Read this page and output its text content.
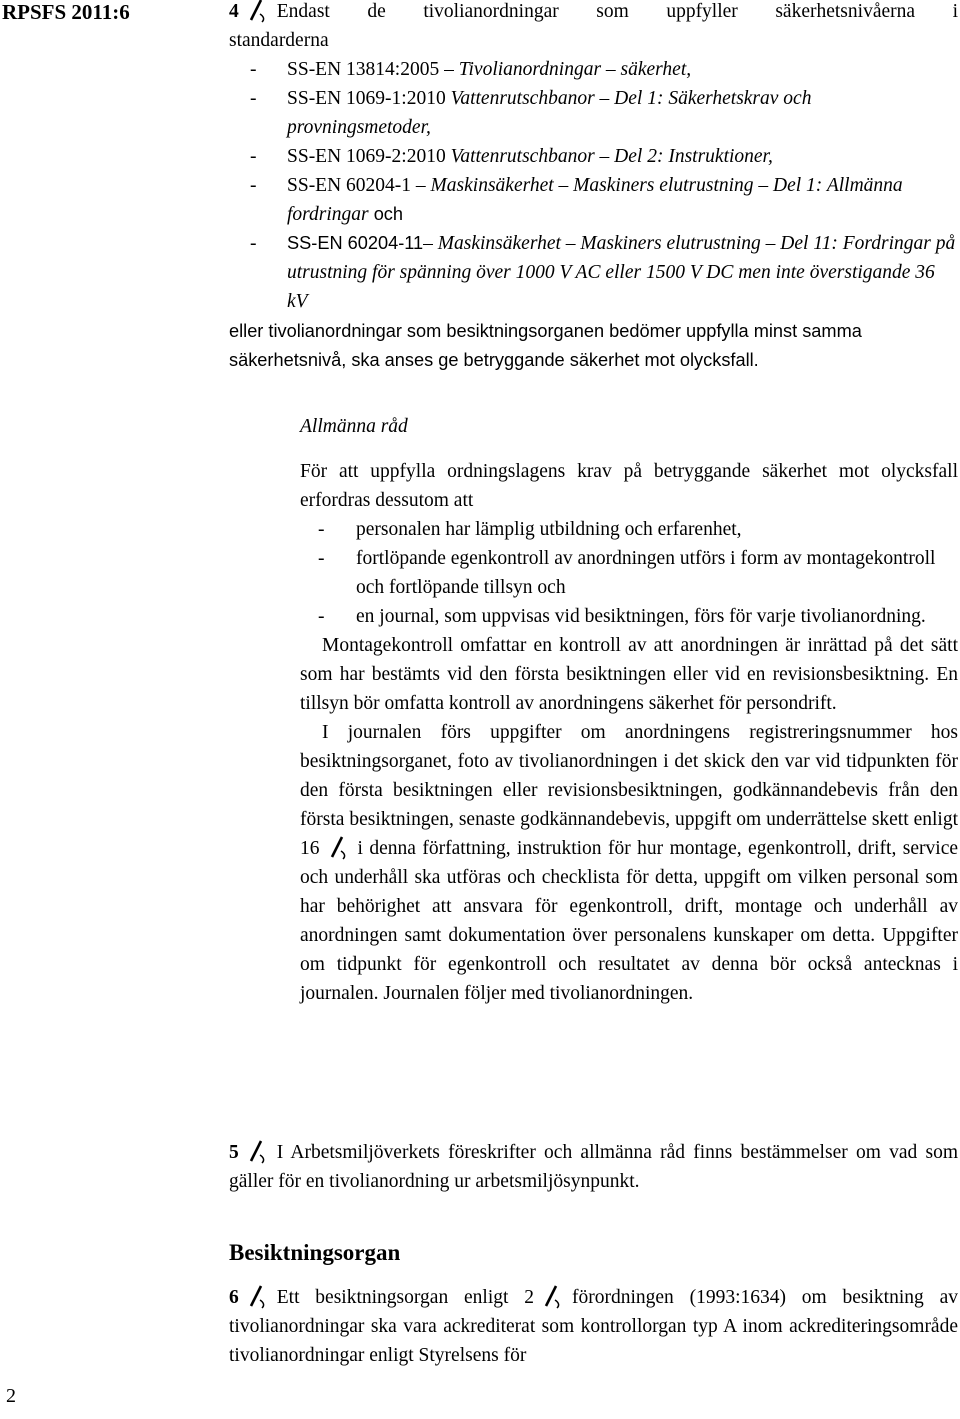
RPSFS 2011:6
2
4 Endast de tivolianordningar som uppfyller säkerhetsnivåerna i
standarderna
- SS-EN 13814:2005 – Tivolianordningar – säkerhet,
- SS-EN 1069-1:2010 Vattenrutschbanor – Del 1: Säkerhetskrav och provningsmetoder,
- SS-EN 1069-2:2010 Vattenrutschbanor – Del 2: Instruktioner,
- SS-EN 60204-1 – Maskinsäkerhet – Maskiners elutrustning – Del 1: Allmänna fordringar och
- SS-EN 60204-11– Maskinsäkerhet – Maskiners elutrustning – Del 11: Fordringar på utrustning för spänning över 1000 V AC eller 1500 V DC men inte överstigande 36 kV

eller tivolianordningar som besiktningsorganen bedömer uppfylla minst samma säkerhetsnivå, ska anses ge betryggande säkerhet mot olycksfall.

Allmänna råd

För att uppfylla ordningslagens krav på betryggande säkerhet mot olycksfall erfordras dessutom att

- personalen har lämplig utbildning och erfarenhet,
- fortlöpande egenkontroll av anordningen utförs i form av montagekontroll och fortlöpande tillsyn och
- en journal, som uppvisas vid besiktningen, förs för varje tivolianordning.

Montagekontroll omfattar en kontroll av att anordningen är inrättad på det sätt som har bestämts vid den första besiktningen eller vid en revisionsbesiktning. En tillsyn bör omfatta kontroll av anordningens säkerhet för persondrift.

I journalen förs uppgifter om anordningens registreringsnummer hos besiktningsorganet, foto av tivolianordningen i det skick den var vid tidpunkten för den första besiktningen eller revisionsbesiktningen, godkännandebevis från den första besiktningen, senaste godkännandebevis, uppgift om underrättelse skett enligt 16 i denna författning, instruktion för hur montage, egenkontroll, drift, service och underhåll ska utföras och checklista för detta, uppgift om vilken personal som har behörighet att ansvara för egenkontroll, drift, montage och underhåll av anordningen samt dokumentation över personalens kunskaper om detta. Uppgifter om tidpunkt för egenkontroll och resultatet av denna bör också antecknas i journalen. Journalen följer med tivolianordningen.

5 I Arbetsmiljöverkets föreskrifter och allmänna råd finns bestämmelser om vad som gäller för en tivolianordning ur arbetsmiljösynpunkt.
Besiktningsorgan

6 Ett besiktningsorgan enligt 2 förordningen (1993:1634) om besiktning av tivolianordningar ska vara ackrediterat som kontrollorgan typ A inom ackrediteringsområde tivolianordningar enligt Styrelsens för
